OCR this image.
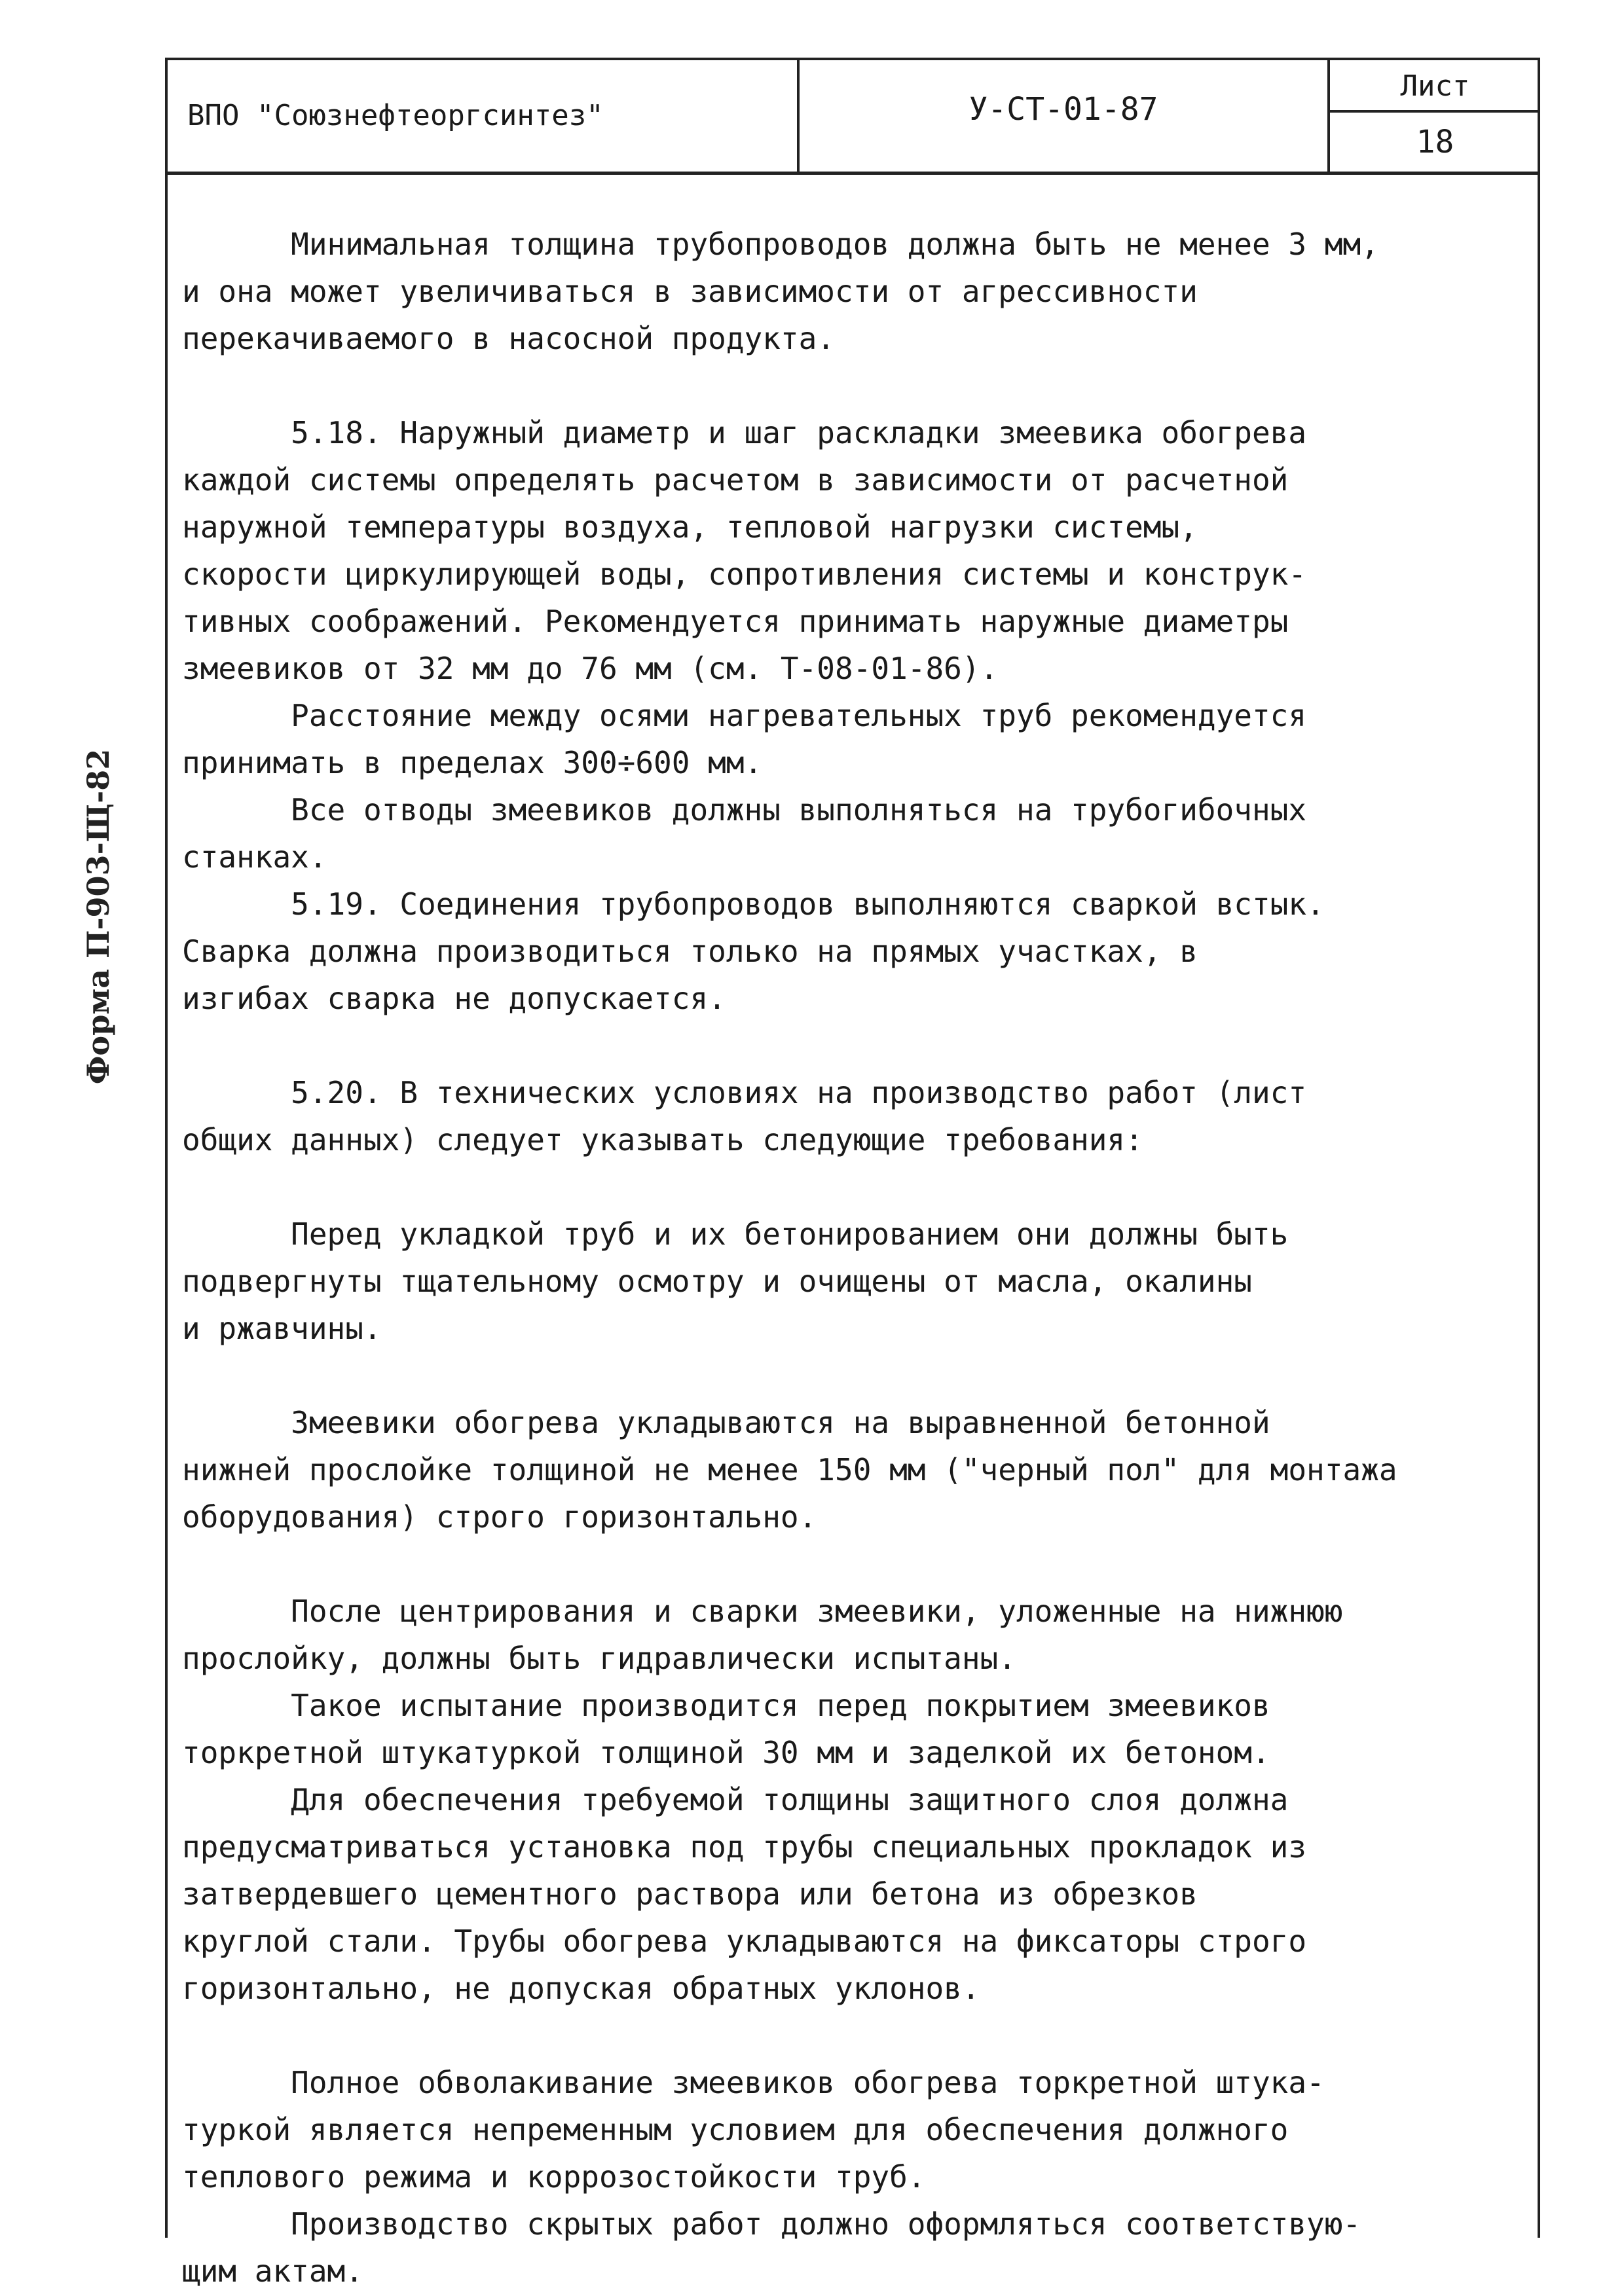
Форма П-903-Щ-82
ВПО "Союзнефтеоргсинтез"	У-СТ-01-87
Лист
18
Минимальная толщина трубопроводов должна быть не менее 3 мм,
и она может увеличиваться в зависимости от агрессивности
перекачиваемого в насосной продукта.

5.18. Наружный диаметр и шаг раскладки змеевика обогрева
каждой системы определять расчетом в зависимости от расчетной
наружной температуры воздуха, тепловой нагрузки системы,
скорости циркулирующей воды, сопротивления системы и конструк-
тивных соображений. Рекомендуется принимать наружные диаметры
змеевиков от 32 мм до 76 мм (см. Т-08-01-86).
Расстояние между осями нагревательных труб рекомендуется
принимать в пределах 300÷600 мм.
Все отводы змеевиков должны выполняться на трубогибочных
станках.
5.19. Соединения трубопроводов выполняются сваркой встык.
Сварка должна производиться только на прямых участках, в
изгибах сварка не допускается.

5.20. В технических условиях на производство работ (лист
общих данных) следует указывать следующие требования:

Перед укладкой труб и их бетонированием они должны быть
подвергнуты тщательному осмотру и очищены от масла, окалины
и ржавчины.

Змеевики обогрева укладываются на выравненной бетонной
нижней прослойке толщиной не менее 150 мм ("черный пол" для монтажа
оборудования) строго горизонтально.

После центрирования и сварки змеевики, уложенные на нижнюю
прослойку, должны быть гидравлически испытаны.
Такое испытание производится перед покрытием змеевиков
торкретной штукатуркой толщиной 30 мм и заделкой их бетоном.
Для обеспечения требуемой толщины защитного слоя должна
предусматриваться установка под трубы специальных прокладок из
затвердевшего цементного раствора или бетона из обрезков
круглой стали. Трубы обогрева укладываются на фиксаторы строго
горизонтально, не допуская обратных уклонов.

Полное обволакивание змеевиков обогрева торкретной штука-
туркой является непременным условием для обеспечения должного
теплового режима и коррозостойкости труб.
Производство скрытых работ должно оформляться соответствую-
щим актам.
